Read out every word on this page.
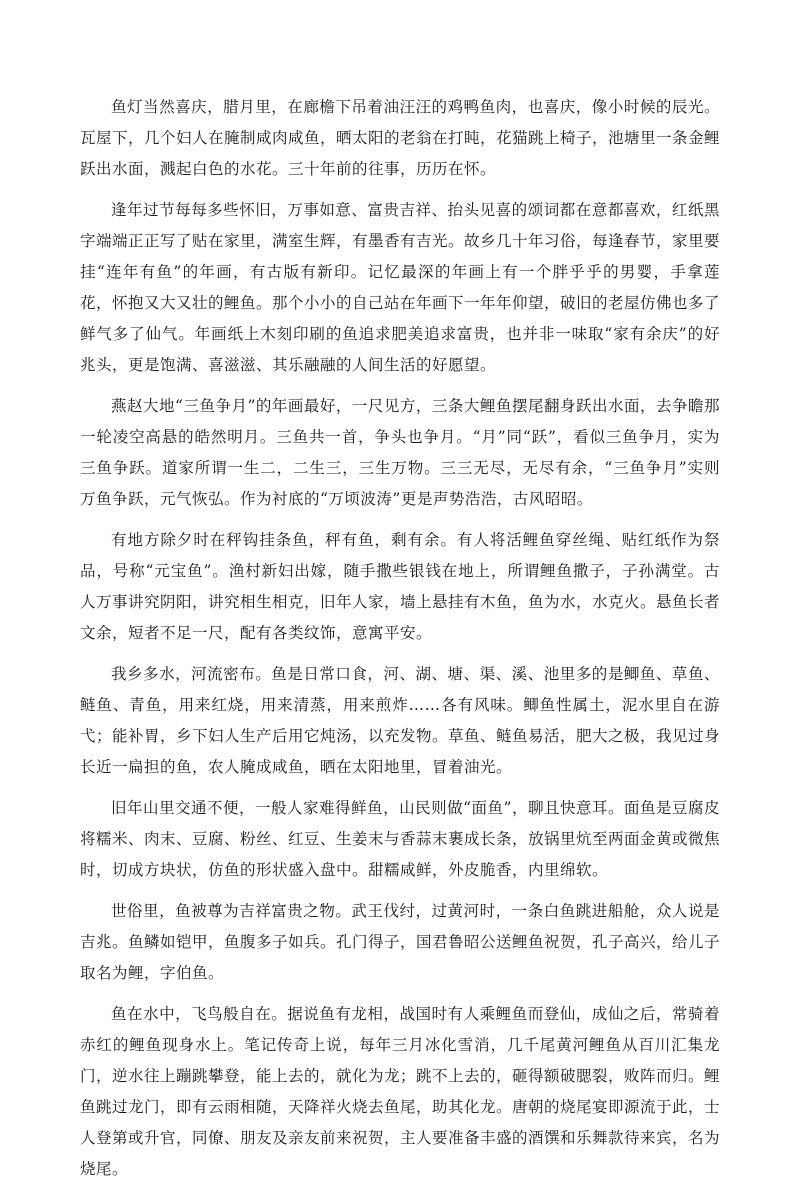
鱼灯当然喜庆，腊月里，在廊檐下吊着油汪汪的鸡鸭鱼肉，也喜庆，像小时候的辰光。瓦屋下，几个妇人在腌制咸肉咸鱼，晒太阳的老翁在打盹，花猫跳上椅子，池塘里一条金鲤跃出水面，溅起白色的水花。三十年前的往事，历历在怀。

逢年过节每每多些怀旧，万事如意、富贵吉祥、抬头见喜的颂词都在意都喜欢，红纸黑字端端正正写了贴在家里，满室生辉，有墨香有吉光。故乡几十年习俗，每逢春节，家里要挂“连年有鱼”的年画，有古版有新印。记忆最深的年画上有一个胖乎乎的男婴，手拿莲花，怀抱又大又壮的鲤鱼。那个小小的自己站在年画下一年年仰望，破旧的老屋仿佛也多了鲜气多了仙气。年画纸上木刻印刷的鱼追求肥美追求富贵，也并非一味取“家有余庆”的好兆头，更是饱满、喜滋滋、其乐融融的人间生活的好愿望。

燕赵大地“三鱼争月”的年画最好，一尺见方，三条大鲤鱼摆尾翻身跃出水面，去争瞻那一轮凌空高悬的皓然明月。三鱼共一首，争头也争月。“月”同“跃”，看似三鱼争月，实为三鱼争跃。道家所谓一生二，二生三，三生万物。三三无尽，无尽有余，“三鱼争月”实则万鱼争跃，元气恢弘。作为衬底的“万顷波涛”更是声势浩浩，古风昭昭。

有地方除夕时在秤钩挂条鱼，秤有鱼，剩有余。有人将活鲤鱼穿丝绳、贴红纸作为祭品，号称“元宝鱼”。渔村新妇出嫁，随手撒些银钱在地上，所谓鲤鱼撒子，子孙满堂。古人万事讲究阴阳，讲究相生相克，旧年人家，墙上悬挂有木鱼，鱼为水，水克火。悬鱼长者文余，短者不足一尺，配有各类纹饰，意寓平安。

我乡多水，河流密布。鱼是日常口食，河、湖、塘、渠、溪、池里多的是鲫鱼、草鱼、鲢鱼、青鱼，用来红烧，用来清蒸，用来煎炸……各有风味。鲫鱼性属土，泥水里自在游弋；能补胃，乡下妇人生产后用它炖汤，以充发物。草鱼、鲢鱼易活，肥大之极，我见过身长近一扁担的鱼，农人腌成咸鱼，晒在太阳地里，冒着油光。

旧年山里交通不便，一般人家难得鲜鱼，山民则做“面鱼”，聊且快意耳。面鱼是豆腐皮将糯米、肉末、豆腐、粉丝、红豆、生姜末与香蒜末裹成长条，放锅里炕至两面金黄或微焦时，切成方块状，仿鱼的形状盛入盘中。甜糯咸鲜，外皮脆香，内里绵软。

世俗里，鱼被尊为吉祥富贵之物。武王伐纣，过黄河时，一条白鱼跳进船舱，众人说是吉兆。鱼鳞如铠甲，鱼腹多子如兵。孔门得子，国君鲁昭公送鲤鱼祝贺，孔子高兴，给儿子取名为鲤，字伯鱼。

鱼在水中，飞鸟般自在。据说鱼有龙相，战国时有人乘鲤鱼而登仙，成仙之后，常骑着赤红的鲤鱼现身水上。笔记传奇上说，每年三月冰化雪消，几千尾黄河鲤鱼从百川汇集龙门，逆水往上蹦跳攀登，能上去的，就化为龙；跳不上去的，砸得额破腮裂，败阵而归。鲤鱼跳过龙门，即有云雨相随，天降祥火烧去鱼尾，助其化龙。唐朝的烧尾宴即源流于此，士人登第或升官，同僚、朋友及亲友前来祝贺，主人要准备丰盛的酒馔和乐舞款待来宾，名为烧尾。
